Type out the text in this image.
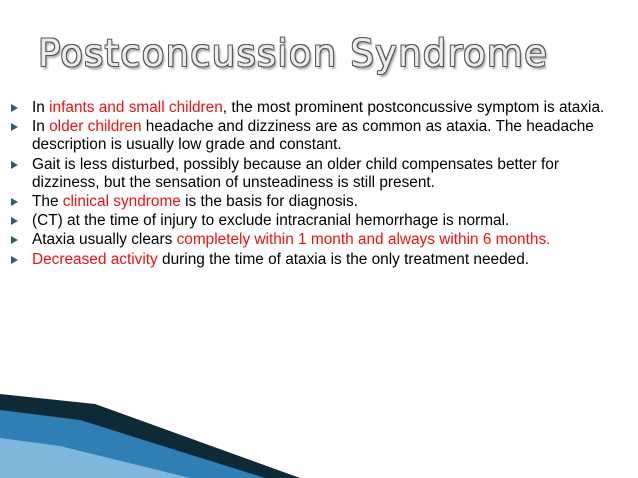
Postconcussion Syndrome
In infants and small children, the most prominent postconcussive symptom is ataxia.
In older children headache and dizziness are as common as ataxia. The headache description is usually low grade and constant.
Gait is less disturbed, possibly because an older child compensates better for dizziness, but the sensation of unsteadiness is still present.
The clinical syndrome is the basis for diagnosis.
(CT) at the time of injury to exclude intracranial hemorrhage is normal.
Ataxia usually clears completely within 1 month and always within 6 months.
Decreased activity during the time of ataxia is the only treatment needed.
